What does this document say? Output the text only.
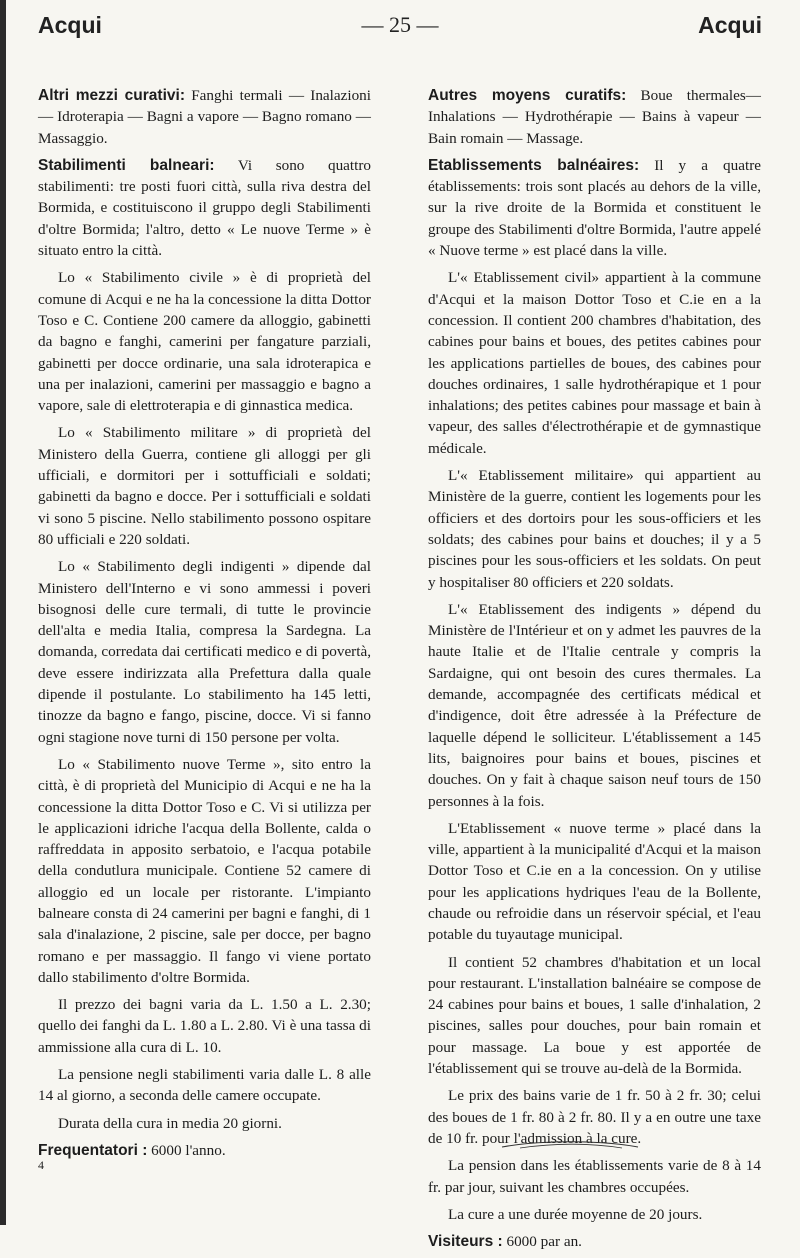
Acqui	— 25 —	Acqui

Altri mezzi curativi: Fanghi termali — Inalazioni — Idroterapia — Bagni a vapore — Bagno romano — Massaggio.

Stabilimenti balneari: Vi sono quattro stabilimenti: tre posti fuori città, sulla riva destra del Bormida, e costituiscono il gruppo degli Stabilimenti d'oltre Bormida; l'altro, detto « Le nuove Terme » è situato entro la città.

Lo « Stabilimento civile » è di proprietà del comune di Acqui e ne ha la concessione la ditta Dottor Toso e C. Contiene 200 camere da alloggio, gabinetti da bagno e fanghi, camerini per fangature parziali, gabinetti per docce ordinarie, una sala idroterapica e una per inalazioni, camerini per massaggio e bagno a vapore, sale di elettroterapia e di ginnastica medica.

Lo « Stabilimento militare » di proprietà del Ministero della Guerra, contiene gli alloggi per gli ufficiali, e dormitori per i sottufficiali e soldati; gabinetti da bagno e docce. Per i sottufficiali e soldati vi sono 5 piscine. Nello stabilimento possono ospitare 80 ufficiali e 220 soldati.

Lo « Stabilimento degli indigenti » dipende dal Ministero dell'Interno e vi sono ammessi i poveri bisognosi delle cure termali, di tutte le provincie dell'alta e media Italia, compresa la Sardegna. La domanda, corredata dai certificati medico e di povertà, deve essere indirizzata alla Prefettura dalla quale dipende il postulante. Lo stabilimento ha 145 letti, tinozze da bagno e fango, piscine, docce. Vi si fanno ogni stagione nove turni di 150 persone per volta.

Lo « Stabilimento nuove Terme », sito entro la città, è di proprietà del Municipio di Acqui e ne ha la concessione la ditta Dottor Toso e C. Vi si utilizza per le applicazioni idriche l'acqua della Bollente, calda o raffreddata in apposito serbatoio, e l'acqua potabile della condutlura municipale. Contiene 52 camere di alloggio ed un locale per ristorante. L'impianto balneare consta di 24 camerini per bagni e fanghi, di 1 sala d'inalazione, 2 piscine, sale per docce, per bagno romano e per massaggio. Il fango vi viene portato dallo stabilimento d'oltre Bormida.

Il prezzo dei bagni varia da L. 1.50 a L. 2.30; quello dei fanghi da L. 1.80 a L. 2.80. Vi è una tassa di ammissione alla cura di L. 10.

La pensione negli stabilimenti varia dalle L. 8 alle 14 al giorno, a seconda delle camere occupate.

Durata della cura in media 20 giorni.

Frequentatori : 6000 l'anno.

Autres moyens curatifs: Boue thermales—Inhalations — Hydrothérapie — Bains à vapeur — Bain romain — Massage.

Etablissements balnéaires: Il y a quatre établissements: trois sont placés au dehors de la ville, sur la rive droite de la Bormida et constituent le groupe des Stabilimenti d'oltre Bormida, l'autre appelé « Nuove terme » est placé dans la ville.

L'« Etablissement civil» appartient à la commune d'Acqui et la maison Dottor Toso et C.ie en a la concession. Il contient 200 chambres d'habitation, des cabines pour bains et boues, des petites cabines pour les applications partielles de boues, des cabines pour douches ordinaires, 1 salle hydrothérapique et 1 pour inhalations; des petites cabines pour massage et bain à vapeur, des salles d'électrothérapie et de gymnastique médicale.

L'« Etablissement militaire» qui appartient au Ministère de la guerre, contient les logements pour les officiers et des dortoirs pour les sous-officiers et les soldats; des cabines pour bains et douches; il y a 5 piscines pour les sous-officiers et les soldats. On peut y hospitaliser 80 officiers et 220 soldats.

L'« Etablissement des indigents » dépend du Ministère de l'Intérieur et on y admet les pauvres de la haute Italie et de l'Italie centrale y compris la Sardaigne, qui ont besoin des cures thermales. La demande, accompagnée des certificats médical et d'indigence, doit être adressée à la Préfecture de laquelle dépend le solliciteur. L'établissement a 145 lits, baignoires pour bains et boues, piscines et douches. On y fait à chaque saison neuf tours de 150 personnes à la fois.

L'Etablissement « nuove terme » placé dans la ville, appartient à la municipalité d'Acqui et la maison Dottor Toso et C.ie en a la concession. On y utilise pour les applications hydriques l'eau de la Bollente, chaude ou refroidie dans un réservoir spécial, et l'eau potable du tuyautage municipal.

Il contient 52 chambres d'habitation et un local pour restaurant. L'installation balnéaire se compose de 24 cabines pour bains et boues, 1 salle d'inhalation, 2 piscines, salles pour douches, pour bain romain et pour massage. La boue y est apportée de l'établissement qui se trouve au-delà de la Bormida.

Le prix des bains varie de 1 fr. 50 à 2 fr. 30; celui des boues de 1 fr. 80 à 2 fr. 80. Il y a en outre une taxe de 10 fr. pour l'admission à la cure.

La pension dans les établissements varie de 8 à 14 fr. par jour, suivant les chambres occupées.

La cure a une durée moyenne de 20 jours.

Visiteurs : 6000 par an.

4
